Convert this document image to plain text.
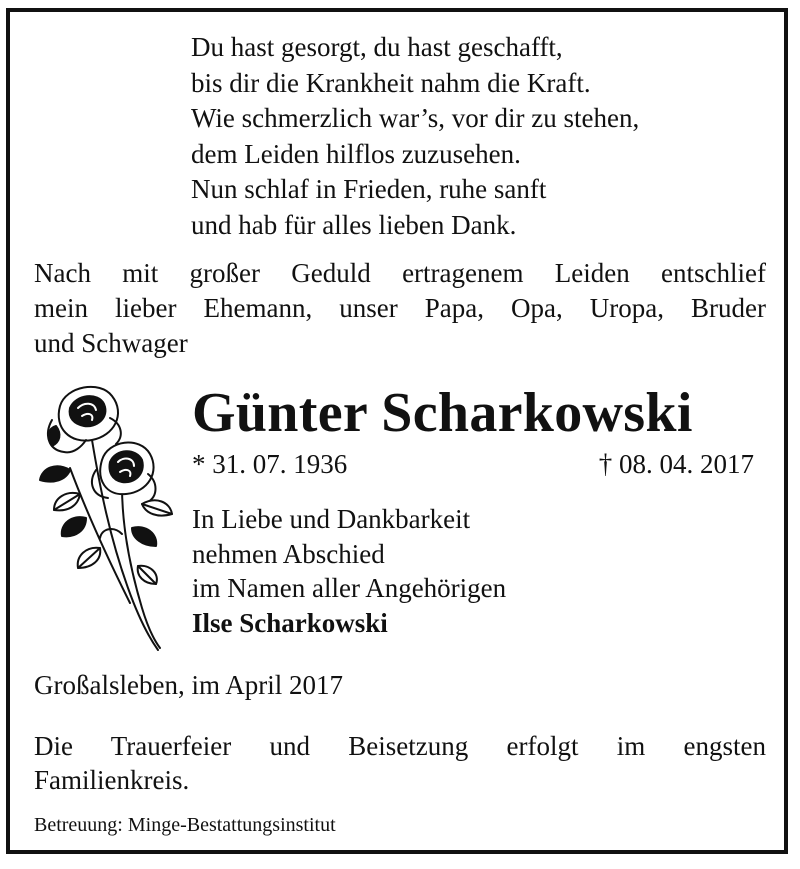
Du hast gesorgt, du hast geschafft,
bis dir die Krankheit nahm die Kraft.
Wie schmerzlich war’s, vor dir zu stehen,
dem Leiden hilflos zuzusehen.
Nun schlaf in Frieden, ruhe sanft
und hab für alles lieben Dank.
Nach mit großer Geduld ertragenem Leiden entschlief
mein lieber Ehemann, unser Papa, Opa, Uropa, Bruder
und Schwager
Günter Scharkowski
* 31. 07. 1936	† 08. 04. 2017
In Liebe und Dankbarkeit
nehmen Abschied
im Namen aller Angehörigen
Ilse Scharkowski
Großalsleben, im April 2017
Die Trauerfeier und Beisetzung erfolgt im engsten
Familienkreis.
Betreuung: Minge-Bestattungsinstitut
